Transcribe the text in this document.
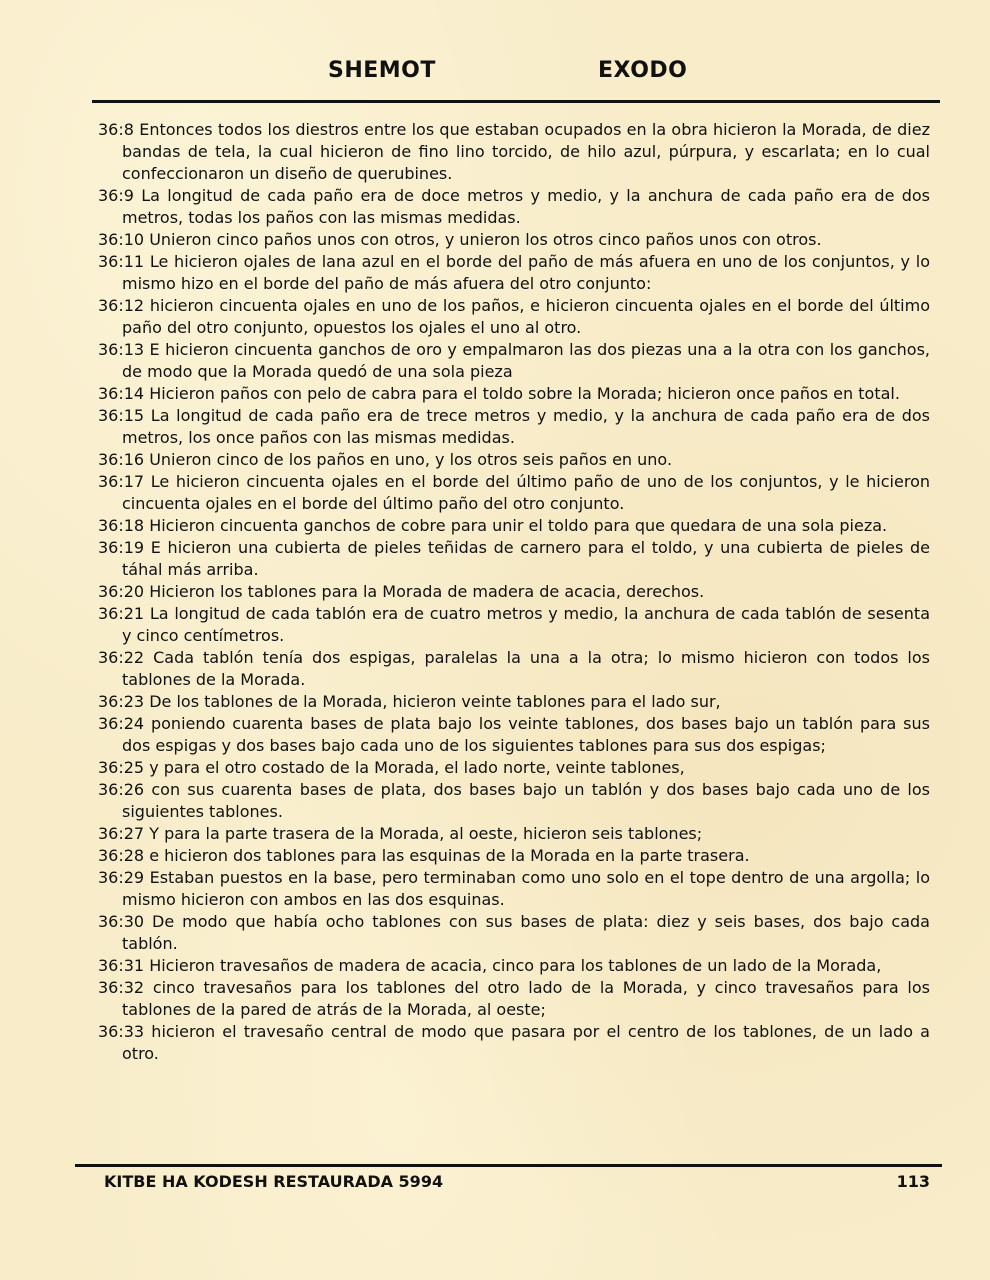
SHEMOT	EXODO
36:8 Entonces todos los diestros entre los que estaban ocupados en la obra hicieron la Morada, de diez bandas de tela, la cual hicieron de fino lino torcido, de hilo azul, púrpura, y escarlata; en lo cual confeccionaron un diseño de querubines.
36:9 La longitud de cada paño era de doce metros y medio, y la anchura de cada paño era de dos metros, todas los paños con las mismas medidas.
36:10 Unieron cinco paños unos con otros, y unieron los otros cinco paños unos con otros.
36:11 Le hicieron ojales de lana azul en el borde del paño de más afuera en uno de los conjuntos, y lo mismo hizo en el borde del paño de más afuera del otro conjunto:
36:12 hicieron cincuenta ojales en uno de los paños, e hicieron cincuenta ojales en el borde del último paño del otro conjunto, opuestos los ojales el uno al otro.
36:13 E hicieron cincuenta ganchos de oro y empalmaron las dos piezas una a la otra con los ganchos, de modo que la Morada quedó de una sola pieza
36:14 Hicieron paños con pelo de cabra para el toldo sobre la Morada; hicieron once paños en total.
36:15 La longitud de cada paño era de trece metros y medio, y la anchura de cada paño era de dos metros, los once paños con las mismas medidas.
36:16 Unieron cinco de los paños en uno, y los otros seis paños en uno.
36:17 Le hicieron cincuenta ojales en el borde del último paño de uno de los conjuntos, y le hicieron cincuenta ojales en el borde del último paño del otro conjunto.
36:18 Hicieron cincuenta ganchos de cobre para unir el toldo para que quedara de una sola pieza.
36:19 E hicieron una cubierta de pieles teñidas de carnero para el toldo, y una cubierta de pieles de táhal más arriba.
36:20 Hicieron los tablones para la Morada de madera de acacia, derechos.
36:21 La longitud de cada tablón era de cuatro metros y medio, la anchura de cada tablón de sesenta y cinco centímetros.
36:22 Cada tablón tenía dos espigas, paralelas la una a la otra; lo mismo hicieron con todos los tablones de la Morada.
36:23 De los tablones de la Morada, hicieron veinte tablones para el lado sur,
36:24 poniendo cuarenta bases de plata bajo los veinte tablones, dos bases bajo un tablón para sus dos espigas y dos bases bajo cada uno de los siguientes tablones para sus dos espigas;
36:25 y para el otro costado de la Morada, el lado norte, veinte tablones,
36:26 con sus cuarenta bases de plata, dos bases bajo un tablón y dos bases bajo cada uno de los siguientes tablones.
36:27 Y para la parte trasera de la Morada, al oeste, hicieron seis tablones;
36:28 e hicieron dos tablones para las esquinas de la Morada en la parte trasera.
36:29 Estaban puestos en la base, pero terminaban como uno solo en el tope dentro de una argolla; lo mismo hicieron con ambos en las dos esquinas.
36:30 De modo que había ocho tablones con sus bases de plata: diez y seis bases, dos bajo cada tablón.
36:31 Hicieron travesaños de madera de acacia, cinco para los tablones de un lado de la Morada,
36:32 cinco travesaños para los tablones del otro lado de la Morada, y cinco travesaños para los tablones de la pared de atrás de la Morada, al oeste;
36:33 hicieron el travesaño central de modo que pasara por el centro de los tablones, de un lado a otro.
KITBE HA KODESH RESTAURADA 5994	113
